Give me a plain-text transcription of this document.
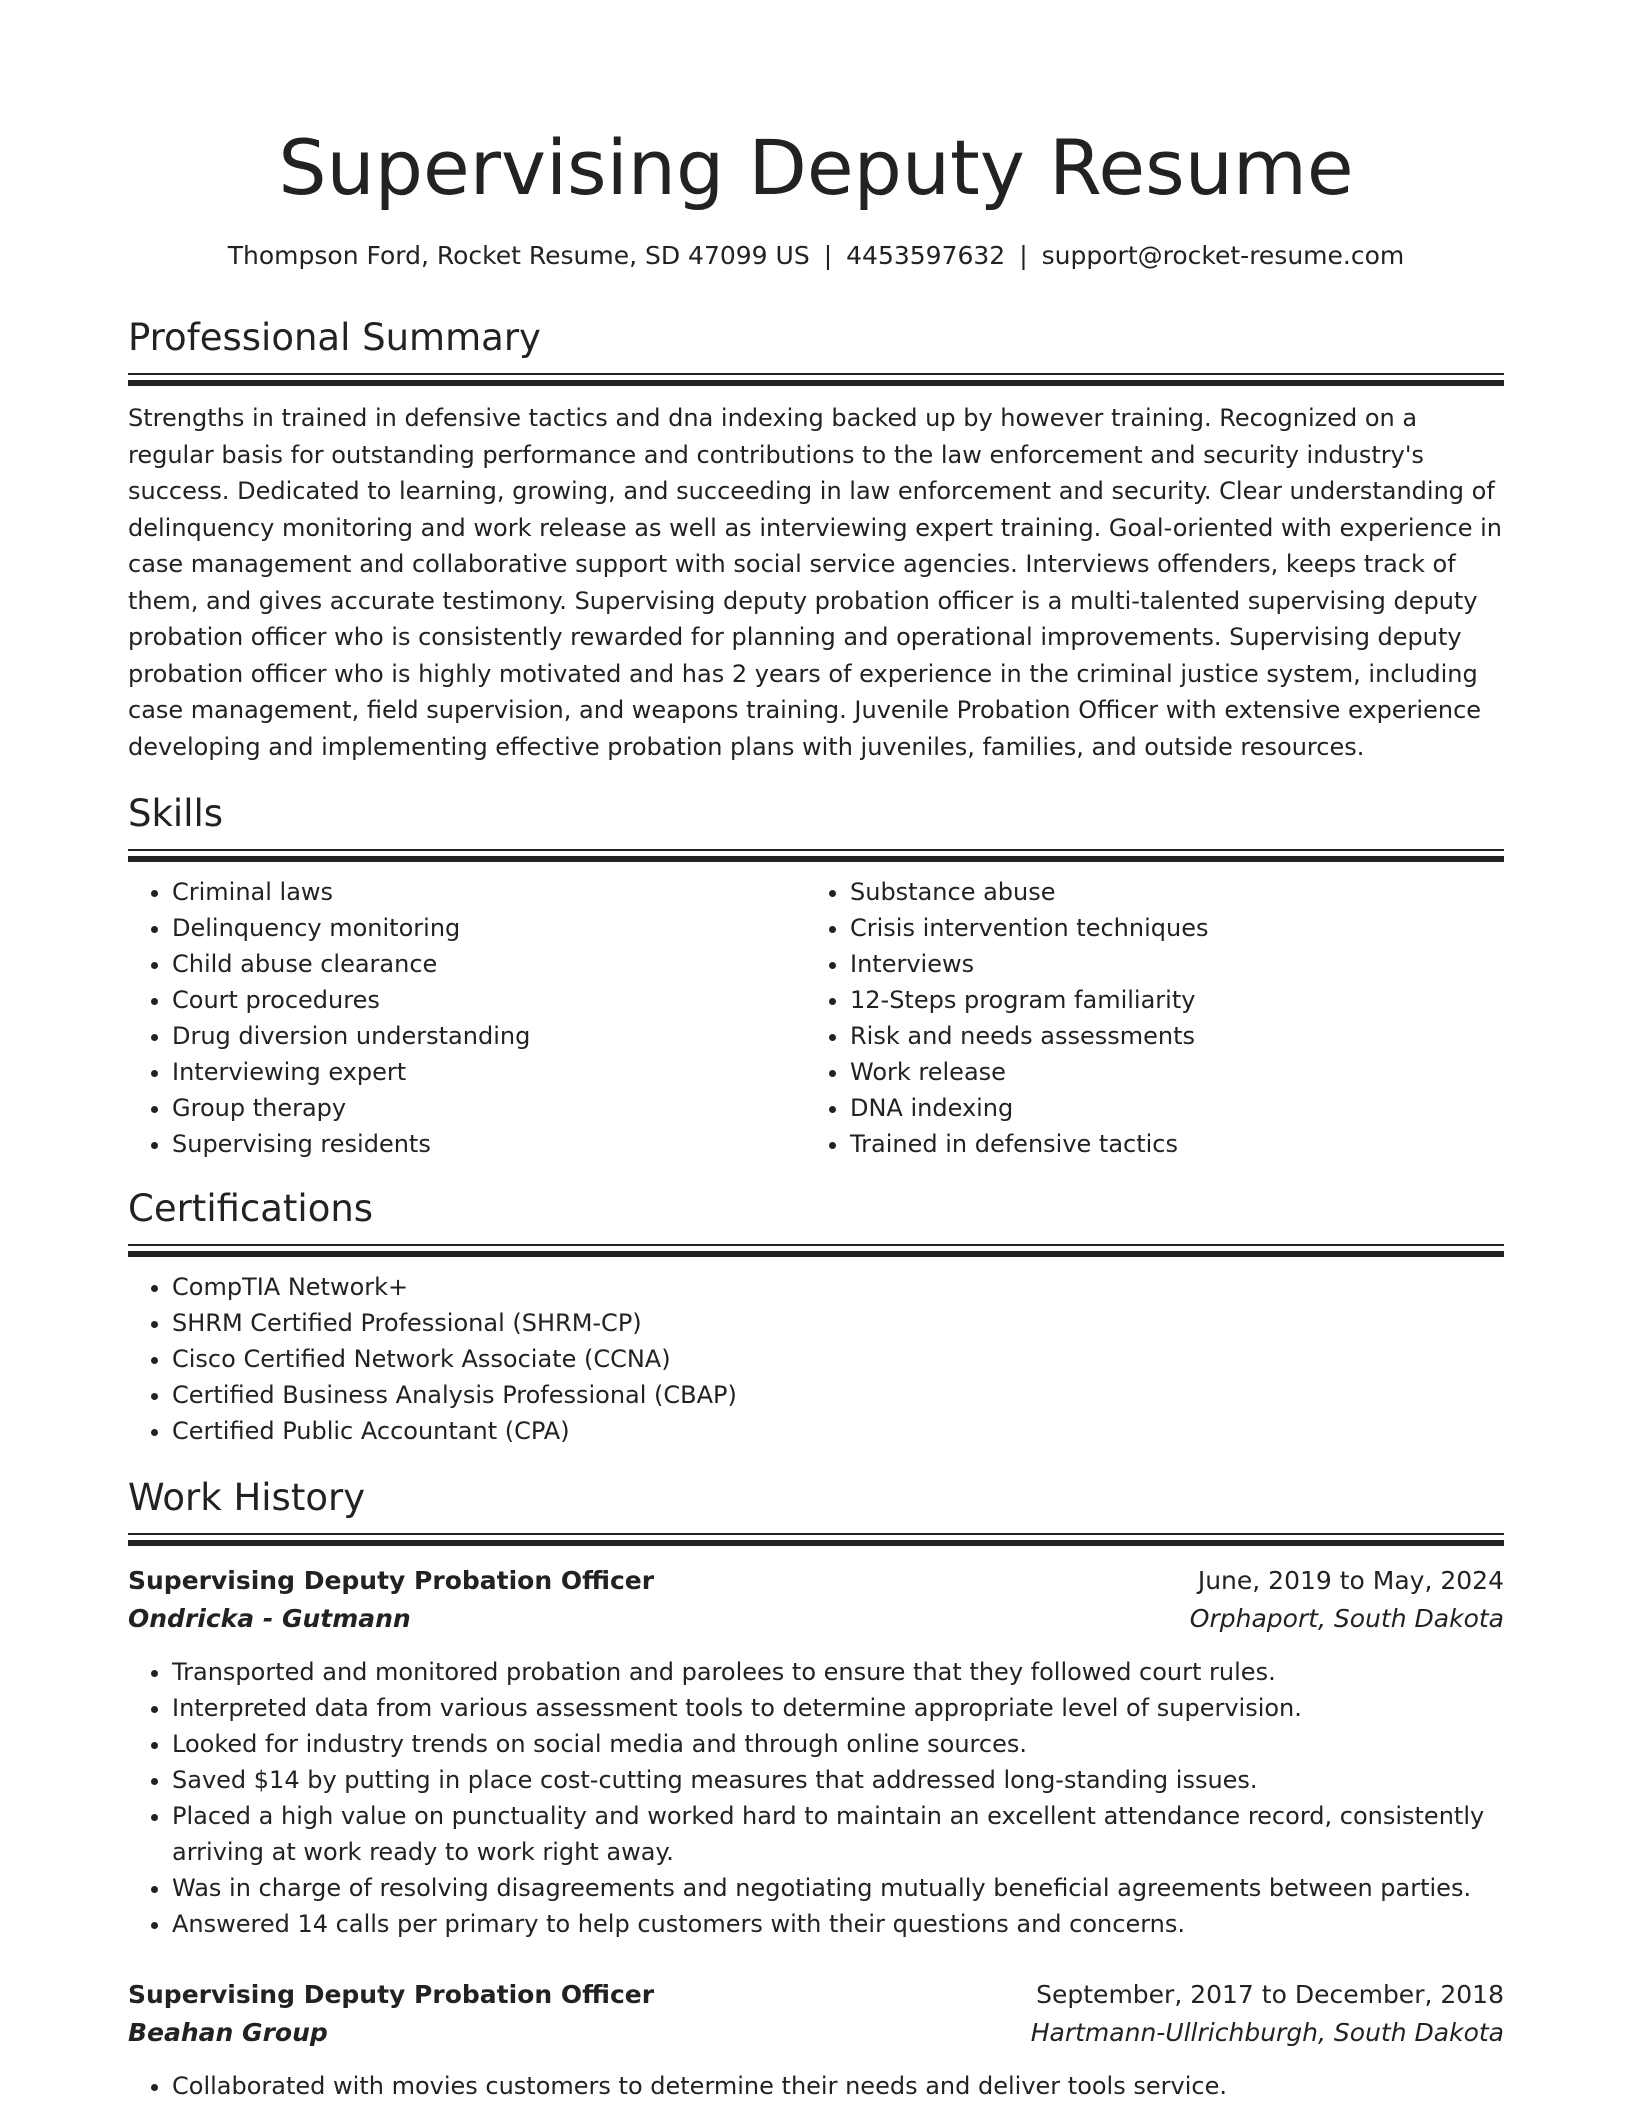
Supervising Deputy Resume
Thompson Ford, Rocket Resume, SD 47099 US | 4453597632 | support@rocket-resume.com
Professional Summary

Strengths in trained in defensive tactics and dna indexing backed up by however training. Recognized on a regular basis for outstanding performance and contributions to the law enforcement and security industry's success. Dedicated to learning, growing, and succeeding in law enforcement and security. Clear understanding of delinquency monitoring and work release as well as interviewing expert training. Goal-oriented with experience in case management and collaborative support with social service agencies. Interviews offenders, keeps track of them, and gives accurate testimony. Supervising deputy probation officer is a multi-talented supervising deputy probation officer who is consistently rewarded for planning and operational improvements. Supervising deputy probation officer who is highly motivated and has 2 years of experience in the criminal justice system, including case management, field supervision, and weapons training. Juvenile Probation Officer with extensive experience developing and implementing effective probation plans with juveniles, families, and outside resources.

Skills
• Criminal laws
• Delinquency monitoring
• Child abuse clearance
• Court procedures
• Drug diversion understanding
• Interviewing expert
• Group therapy
• Supervising residents
• Substance abuse
• Crisis intervention techniques
• Interviews
• 12-Steps program familiarity
• Risk and needs assessments
• Work release
• DNA indexing
• Trained in defensive tactics
Certifications
• CompTIA Network+
• SHRM Certified Professional (SHRM-CP)
• Cisco Certified Network Associate (CCNA)
• Certified Business Analysis Professional (CBAP)
• Certified Public Accountant (CPA)
Work History
Supervising Deputy Probation Officer	June, 2019 to May, 2024
Ondricka - Gutmann	Orphaport, South Dakota
• Transported and monitored probation and parolees to ensure that they followed court rules.
• Interpreted data from various assessment tools to determine appropriate level of supervision.
• Looked for industry trends on social media and through online sources.
• Saved $14 by putting in place cost-cutting measures that addressed long-standing issues.
• Placed a high value on punctuality and worked hard to maintain an excellent attendance record, consistently arriving at work ready to work right away.
• Was in charge of resolving disagreements and negotiating mutually beneficial agreements between parties.
• Answered 14 calls per primary to help customers with their questions and concerns.
Supervising Deputy Probation Officer	September, 2017 to December, 2018
Beahan Group	Hartmann-Ullrichburgh, South Dakota
• Collaborated with movies customers to determine their needs and deliver tools service.
